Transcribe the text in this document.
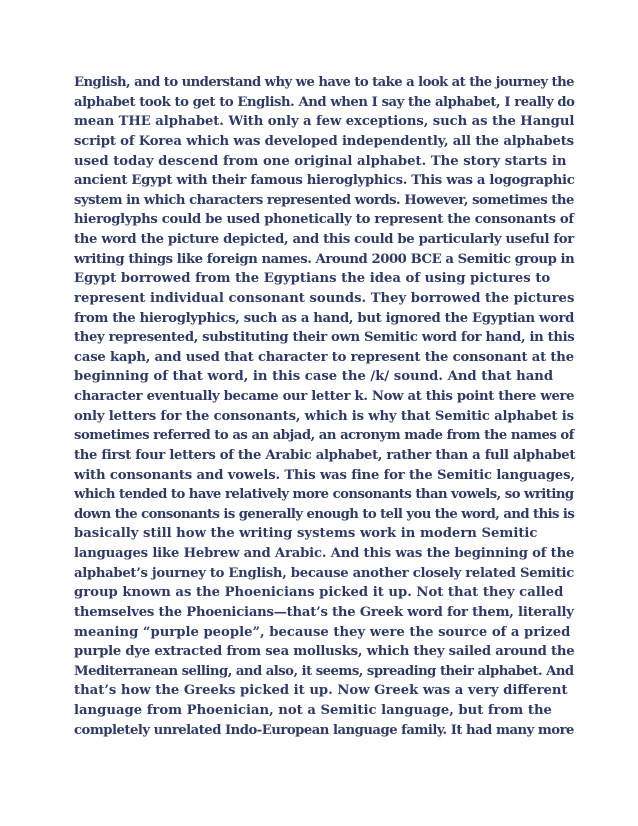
English, and to understand why we have to take a look at the journey the
alphabet took to get to English. And when I say the alphabet, I really do
mean THE alphabet. With only a few exceptions, such as the Hangul
script of Korea which was developed independently, all the alphabets
used today descend from one original alphabet. The story starts in
ancient Egypt with their famous hieroglyphics. This was a logographic
system in which characters represented words. However, sometimes the
hieroglyphs could be used phonetically to represent the consonants of
the word the picture depicted, and this could be particularly useful for
writing things like foreign names. Around 2000 BCE a Semitic group in
Egypt borrowed from the Egyptians the idea of using pictures to
represent individual consonant sounds. They borrowed the pictures
from the hieroglyphics, such as a hand, but ignored the Egyptian word
they represented, substituting their own Semitic word for hand, in this
case kaph, and used that character to represent the consonant at the
beginning of that word, in this case the /k/ sound. And that hand
character eventually became our letter k. Now at this point there were
only letters for the consonants, which is why that Semitic alphabet is
sometimes referred to as an abjad, an acronym made from the names of
the first four letters of the Arabic alphabet, rather than a full alphabet
with consonants and vowels. This was fine for the Semitic languages,
which tended to have relatively more consonants than vowels, so writing
down the consonants is generally enough to tell you the word, and this is
basically still how the writing systems work in modern Semitic
languages like Hebrew and Arabic. And this was the beginning of the
alphabet’s journey to English, because another closely related Semitic
group known as the Phoenicians picked it up. Not that they called
themselves the Phoenicians—that’s the Greek word for them, literally
meaning “purple people”, because they were the source of a prized
purple dye extracted from sea mollusks, which they sailed around the
Mediterranean selling, and also, it seems, spreading their alphabet. And
that’s how the Greeks picked it up. Now Greek was a very different
language from Phoenician, not a Semitic language, but from the
completely unrelated Indo-European language family. It had many more
